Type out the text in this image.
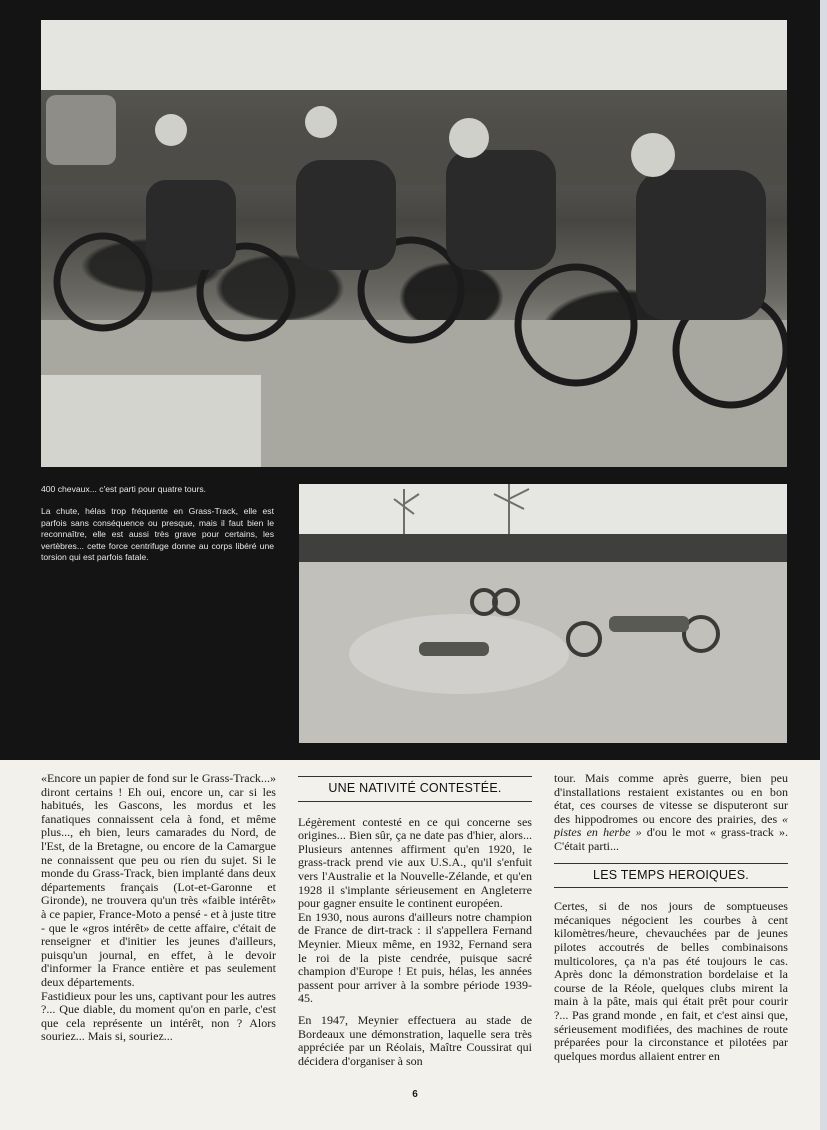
400 chevaux... c'est parti pour quatre tours.
La chute, hélas trop fréquente en Grass-Track, elle est parfois sans conséquence ou presque, mais il faut bien le reconnaître, elle est aussi très grave pour certains, les vertèbres... cette force centrifuge donne au corps libéré une torsion qui est parfois fatale.

«Encore un papier de fond sur le Grass-Track...» diront certains ! Eh oui, encore un, car si les habitués, les Gascons, les mordus et les fanatiques connaissent cela à fond, et même plus..., eh bien, leurs camarades du Nord, de l'Est, de la Bretagne, ou encore de la Camargue ne connaissent que peu ou rien du sujet. Si le monde du Grass-Track, bien implanté dans deux départements français (Lot-et-Garonne et Gironde), ne trouvera qu'un très «faible intérêt» à ce papier, France-Moto a pensé - et à juste titre - que le «gros intérêt» de cette affaire, c'était de renseigner et d'initier les jeunes d'ailleurs, puisqu'un journal, en effet, à le devoir d'informer la France entière et pas seulement deux départements.

Fastidieux pour les uns, captivant pour les autres ?... Que diable, du moment qu'on en parle, c'est que cela représente un intérêt, non ? Alors souriez... Mais si, souriez...

UNE NATIVITÉ CONTESTÉE.

Légèrement contesté en ce qui concerne ses origines... Bien sûr, ça ne date pas d'hier, alors... Plusieurs antennes affirment qu'en 1920, le grass-track prend vie aux U.S.A., qu'il s'enfuit vers l'Australie et la Nouvelle-Zélande, et qu'en 1928 il s'implante sérieusement en Angleterre pour gagner ensuite le continent européen.

En 1930, nous aurons d'ailleurs notre champion de France de dirt-track : il s'appellera Fernand Meynier. Mieux même, en 1932, Fernand sera le roi de la piste cendrée, puisque sacré champion d'Europe ! Et puis, hélas, les années passent pour arriver à la sombre période 1939-45.

En 1947, Meynier effectuera au stade de Bordeaux une démonstration, laquelle sera très appréciée par un Réolais, Maître Coussirat qui décidera d'organiser à son

tour. Mais comme après guerre, bien peu d'installations restaient existantes ou en bon état, ces courses de vitesse se disputeront sur des hippodromes ou encore des prairies, des « pistes en herbe » d'ou le mot « grass-track ». C'était parti...

LES TEMPS HEROIQUES.

Certes, si de nos jours de somptueuses mécaniques négocient les courbes à cent kilomètres/heure, chevauchées par de jeunes pilotes accoutrés de belles combinaisons multicolores, ça n'a pas été toujours le cas. Après donc la démonstration bordelaise et la course de la Réole, quelques clubs mirent la main à la pâte, mais qui était prêt pour courir ?... Pas grand monde , en fait, et c'est ainsi que, sérieusement modifiées, des machines de route préparées pour la circonstance et pilotées par quelques mordus allaient entrer en

6
